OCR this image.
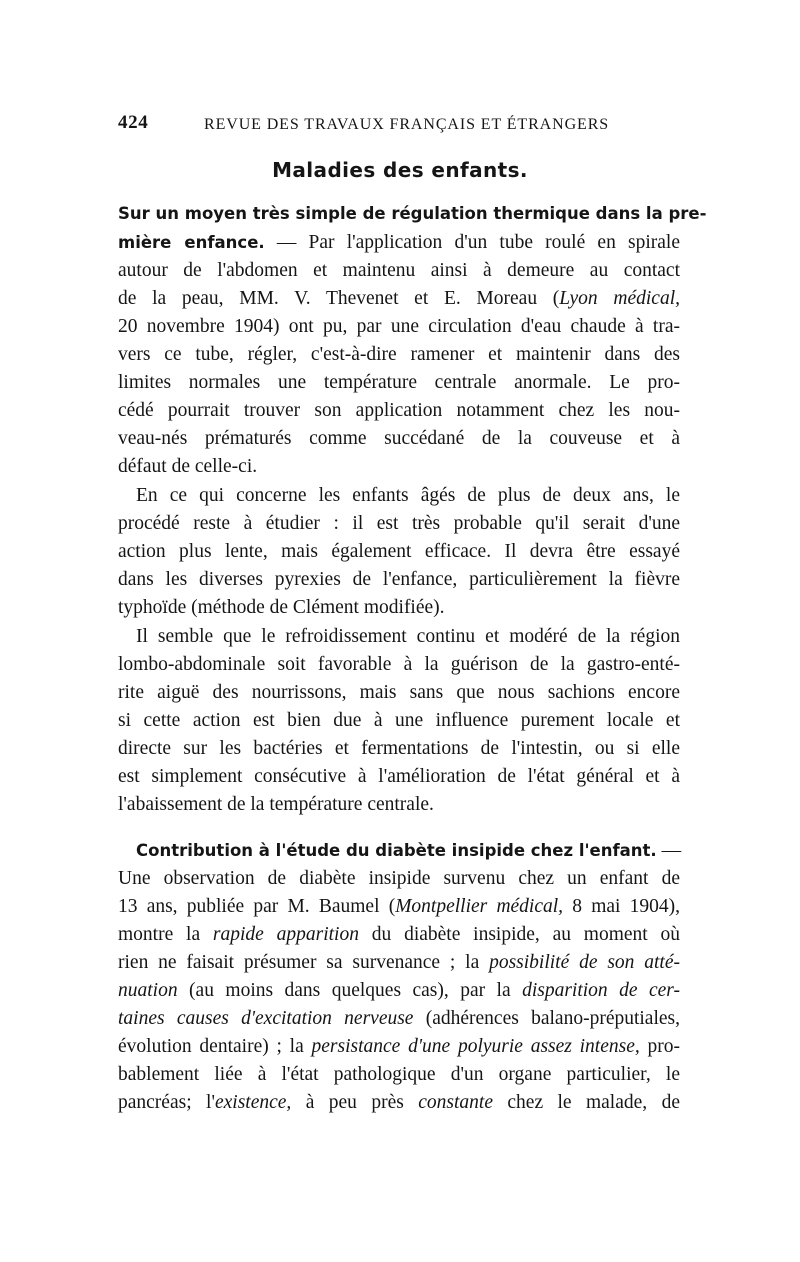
424	REVUE DES TRAVAUX FRANÇAIS ET ÉTRANGERS
Maladies des enfants.
Sur un moyen très simple de régulation thermique dans la pre-
mière enfance. — Par l'application d'un tube roulé en spirale
autour de l'abdomen et maintenu ainsi à demeure au contact
de la peau, MM. V. Thevenet et E. Moreau (Lyon médical,
20 novembre 1904) ont pu, par une circulation d'eau chaude à tra-
vers ce tube, régler, c'est-à-dire ramener et maintenir dans des
limites normales une température centrale anormale. Le pro-
cédé pourrait trouver son application notamment chez les nou-
veau-nés prématurés comme succédané de la couveuse et à
défaut de celle-ci.
En ce qui concerne les enfants âgés de plus de deux ans, le
procédé reste à étudier : il est très probable qu'il serait d'une
action plus lente, mais également efficace. Il devra être essayé
dans les diverses pyrexies de l'enfance, particulièrement la fièvre
typhoïde (méthode de Clément modifiée).
Il semble que le refroidissement continu et modéré de la région
lombo-abdominale soit favorable à la guérison de la gastro-enté-
rite aiguë des nourrissons, mais sans que nous sachions encore
si cette action est bien due à une influence purement locale et
directe sur les bactéries et fermentations de l'intestin, ou si elle
est simplement consécutive à l'amélioration de l'état général et à
l'abaissement de la température centrale.
Contribution à l'étude du diabète insipide chez l'enfant. —
Une observation de diabète insipide survenu chez un enfant de
13 ans, publiée par M. Baumel (Montpellier médical, 8 mai 1904),
montre la rapide apparition du diabète insipide, au moment où
rien ne faisait présumer sa survenance ; la possibilité de son atté-
nuation (au moins dans quelques cas), par la disparition de cer-
taines causes d'excitation nerveuse (adhérences balano-préputiales,
évolution dentaire) ; la persistance d'une polyurie assez intense, pro-
bablement liée à l'état pathologique d'un organe particulier, le
pancréas; l'existence, à peu près constante chez le malade, de
